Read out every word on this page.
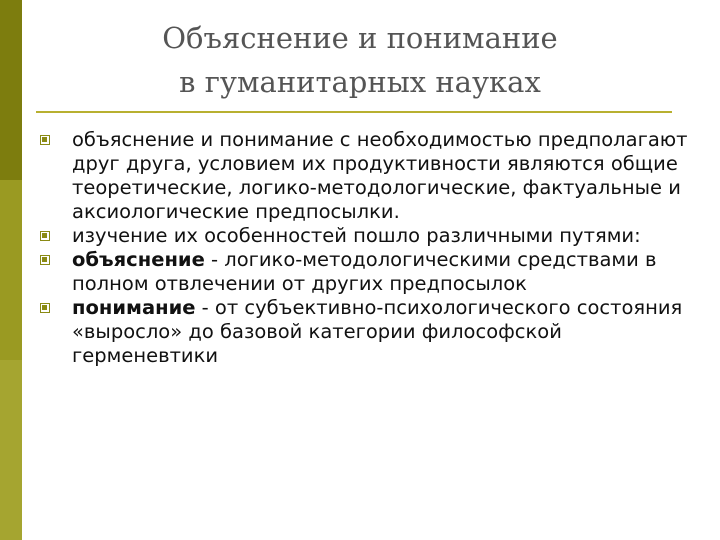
Объяснение и понимание
в гуманитарных науках
объяснение и понимание с необходимостью предполагают друг друга, условием их продуктивности являются общие теоретические, логико-методологические, фактуальные и аксиологические предпосылки.
изучение их особенностей пошло различными путями:
объяснение - логико-методологическими средствами в полном отвлечении от других предпосылок
понимание - от субъективно-психологического состояния «выросло» до базовой категории философской герменевтики
